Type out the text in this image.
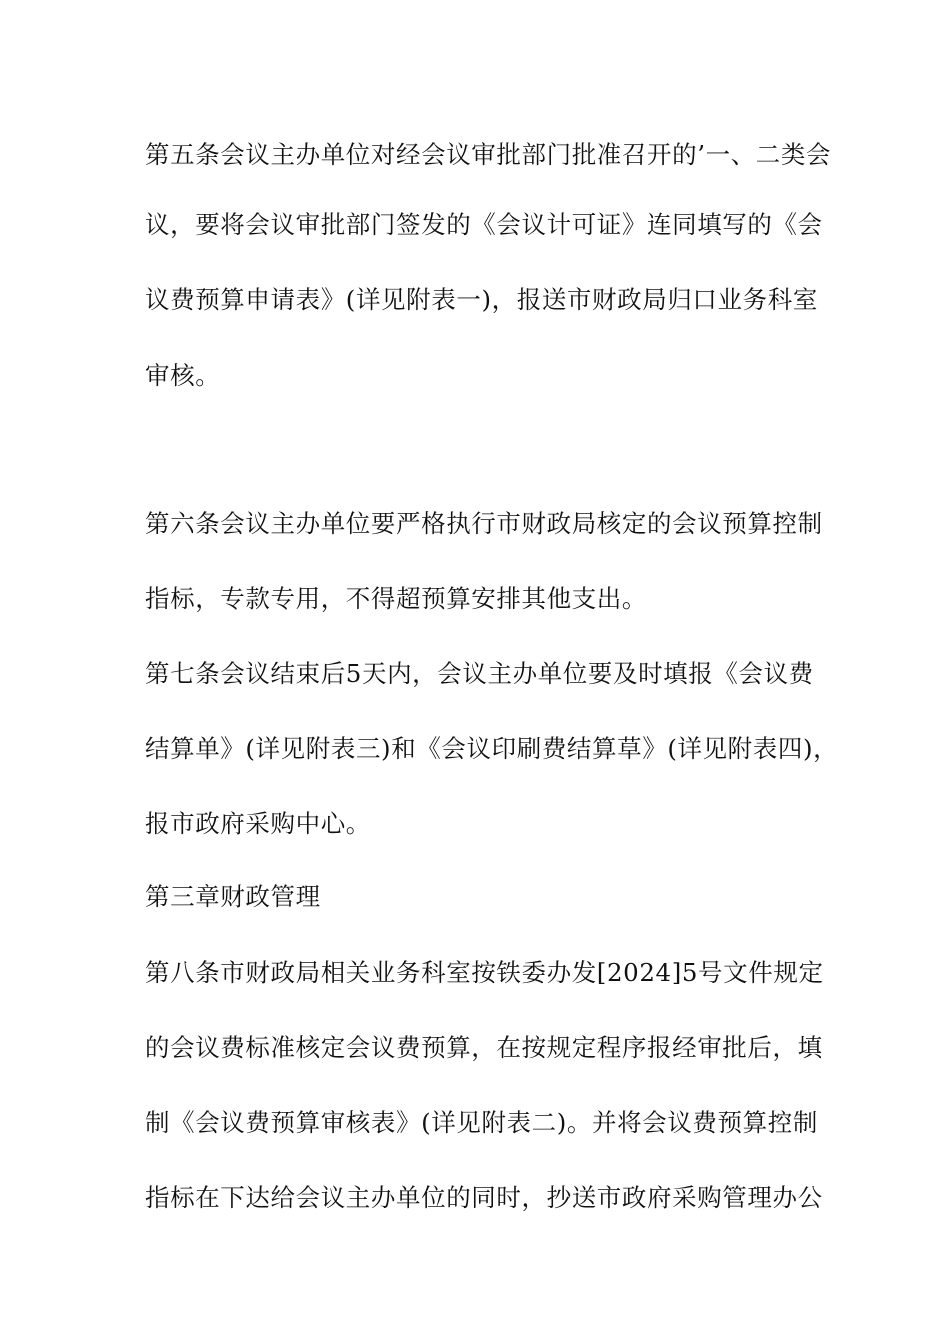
第五条会议主办单位对经会议审批部门批准召开的’一、二类会
议，要将会议审批部门签发的《会议计可证》连同填写的《会
议费预算申请表》(详见附表一)，报送市财政局归口业务科室
审核。
第六条会议主办单位要严格执行市财政局核定的会议预算控制
指标，专款专用，不得超预算安排其他支出。
第七条会议结束后5天内，会议主办单位要及时填报《会议费
结算单》(详见附表三)和《会议印刷费结算草》(详见附表四)，
报市政府采购中心。
第三章财政管理
第八条市财政局相关业务科室按铁委办发[2024]5号文件规定
的会议费标准核定会议费预算，在按规定程序报经审批后，填
制《会议费预算审核表》(详见附表二)。并将会议费预算控制
指标在下达给会议主办单位的同时，抄送市政府采购管理办公
